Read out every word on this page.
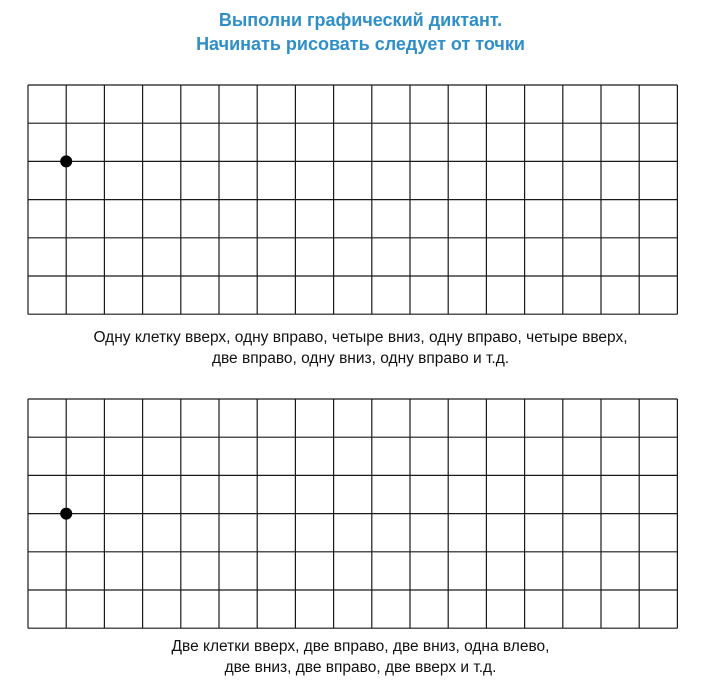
Выполни графический диктант.
Начинать рисовать следует от точки

Одну клетку вверх, одну вправо, четыре вниз, одну вправо, четыре вверх,

две вправо, одну вниз, одну вправо и т.д.

Две клетки вверх, две вправо, две вниз, одна влево,

две вниз, две вправо, две вверх и т.д.
